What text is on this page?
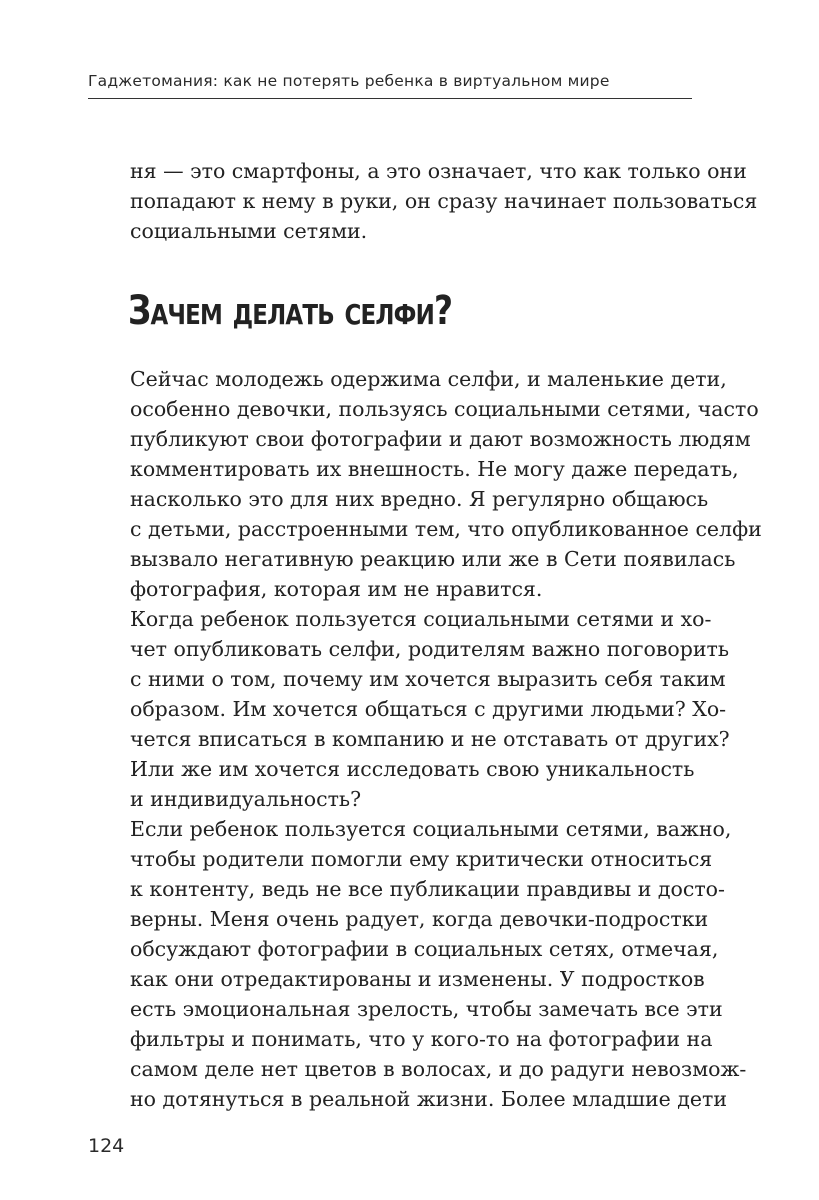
Гаджетомания: как не потерять ребенка в виртуальном мире
ня — это смартфоны, а это означает, что как только они
попадают к нему в руки, он сразу начинает пользоваться
социальными сетями.
Зачем делать селфи?
Сейчас молодежь одержима селфи, и маленькие дети,
особенно девочки, пользуясь социальными сетями, часто
публикуют свои фотографии и дают возможность людям
комментировать их внешность. Не могу даже передать,
насколько это для них вредно. Я регулярно общаюсь
с детьми, расстроенными тем, что опубликованное селфи
вызвало негативную реакцию или же в Сети появилась
фотография, которая им не нравится.
Когда ребенок пользуется социальными сетями и хо-
чет опубликовать селфи, родителям важно поговорить
с ними о том, почему им хочется выразить себя таким
образом. Им хочется общаться с другими людьми? Хо-
чется вписаться в компанию и не отставать от других?
Или же им хочется исследовать свою уникальность
и индивидуальность?
Если ребенок пользуется социальными сетями, важно,
чтобы родители помогли ему критически относиться
к контенту, ведь не все публикации правдивы и досто-
верны. Меня очень радует, когда девочки-подростки
обсуждают фотографии в социальных сетях, отмечая,
как они отредактированы и изменены. У подростков
есть эмоциональная зрелость, чтобы замечать все эти
фильтры и понимать, что у кого-то на фотографии на
самом деле нет цветов в волосах, и до радуги невозмож-
но дотянуться в реальной жизни. Более младшие дети
124
